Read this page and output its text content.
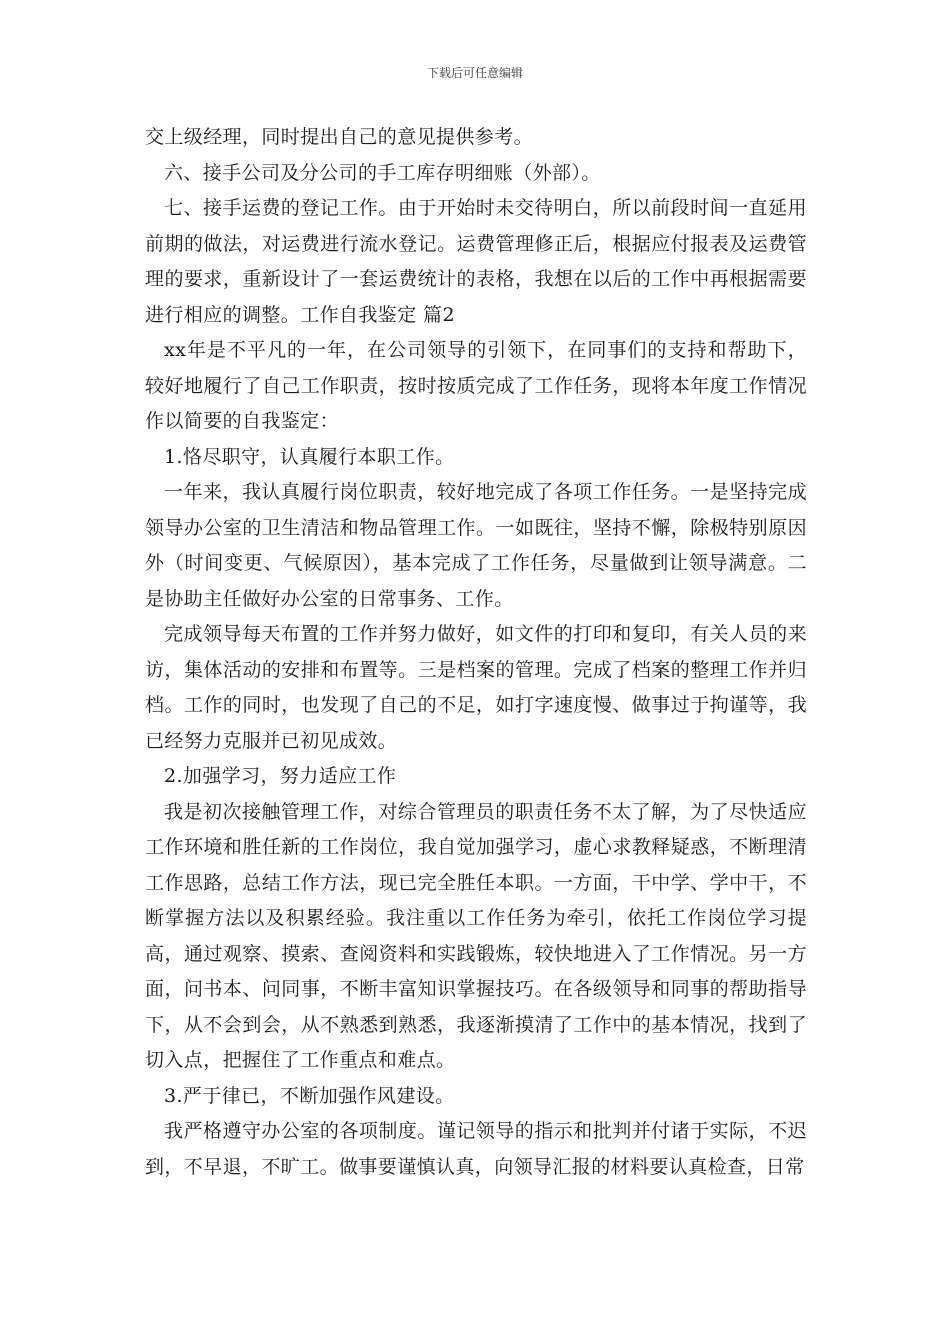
下载后可任意编辑

交上级经理，同时提出自己的意见提供参考。

六、接手公司及分公司的手工库存明细账（外部）。

七、接手运费的登记工作。由于开始时未交待明白，所以前段时间一直延用前期的做法，对运费进行流水登记。运费管理修正后，根据应付报表及运费管理的要求，重新设计了一套运费统计的表格，我想在以后的工作中再根据需要进行相应的调整。工作自我鉴定 篇2

xx年是不平凡的一年，在公司领导的引领下，在同事们的支持和帮助下，较好地履行了自己工作职责，按时按质完成了工作任务，现将本年度工作情况作以简要的自我鉴定：

1.恪尽职守，认真履行本职工作。

一年来，我认真履行岗位职责，较好地完成了各项工作任务。一是坚持完成领导办公室的卫生清洁和物品管理工作。一如既往，坚持不懈，除极特别原因外（时间变更、气候原因），基本完成了工作任务，尽量做到让领导满意。二是协助主任做好办公室的日常事务、工作。

完成领导每天布置的工作并努力做好，如文件的打印和复印，有关人员的来访，集体活动的安排和布置等。三是档案的管理。完成了档案的整理工作并归档。工作的同时，也发现了自己的不足，如打字速度慢、做事过于拘谨等，我已经努力克服并已初见成效。

2.加强学习，努力适应工作

我是初次接触管理工作，对综合管理员的职责任务不太了解，为了尽快适应工作环境和胜任新的工作岗位，我自觉加强学习，虚心求教释疑惑，不断理清工作思路，总结工作方法，现已完全胜任本职。一方面，干中学、学中干，不断掌握方法以及积累经验。我注重以工作任务为牵引，依托工作岗位学习提高，通过观察、摸索、查阅资料和实践锻炼，较快地进入了工作情况。另一方面，问书本、问同事，不断丰富知识掌握技巧。在各级领导和同事的帮助指导下，从不会到会，从不熟悉到熟悉，我逐渐摸清了工作中的基本情况，找到了切入点，把握住了工作重点和难点。

3.严于律已，不断加强作风建设。

我严格遵守办公室的各项制度。谨记领导的指示和批判并付诸于实际，不迟到，不早退，不旷工。做事要谨慎认真，向领导汇报的材料要认真检查，日常
